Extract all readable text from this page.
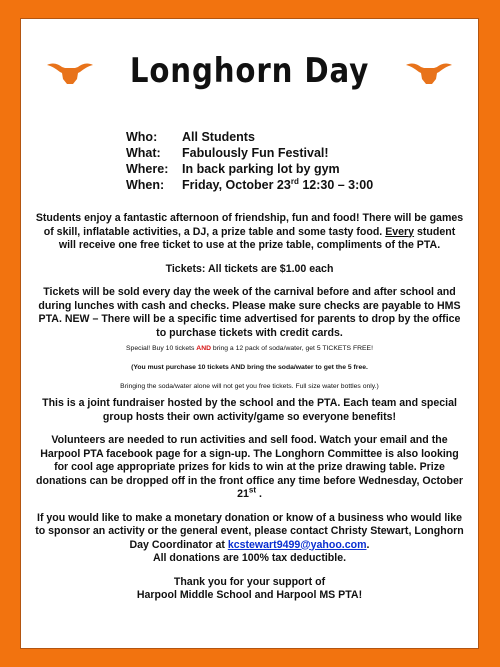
Longhorn Day
Who:	All Students
What:	Fabulously Fun Festival!
Where:	In back parking lot by gym
When:	Friday, October 23rd 12:30 – 3:00

Students enjoy a fantastic afternoon of friendship, fun and food! There will be games of skill, inflatable activities, a DJ, a prize table and some tasty food. Every student will receive one free ticket to use at the prize table, compliments of the PTA.

Tickets: All tickets are $1.00 each

Tickets will be sold every day the week of the carnival before and after school and during lunches with cash and checks. Please make sure checks are payable to HMS PTA. NEW – There will be a specific time advertised for parents to drop by the office to purchase tickets with credit cards.

Special! Buy 10 tickets AND bring a 12 pack of soda/water, get 5 TICKETS FREE!

(You must purchase 10 tickets AND bring the soda/water to get the 5 free.

Bringing the soda/water alone will not get you free tickets. Full size water bottles only.)

This is a joint fundraiser hosted by the school and the PTA. Each team and special group hosts their own activity/game so everyone benefits!

Volunteers are needed to run activities and sell food. Watch your email and the Harpool PTA facebook page for a sign-up. The Longhorn Committee is also looking for cool age appropriate prizes for kids to win at the prize drawing table. Prize donations can be dropped off in the front office any time before Wednesday, October 21st .

If you would like to make a monetary donation or know of a business who would like to sponsor an activity or the general event, please contact Christy Stewart, Longhorn Day Coordinator at kcstewart9499@yahoo.com.
All donations are 100% tax deductible.

Thank you for your support of
Harpool Middle School and Harpool MS PTA!
